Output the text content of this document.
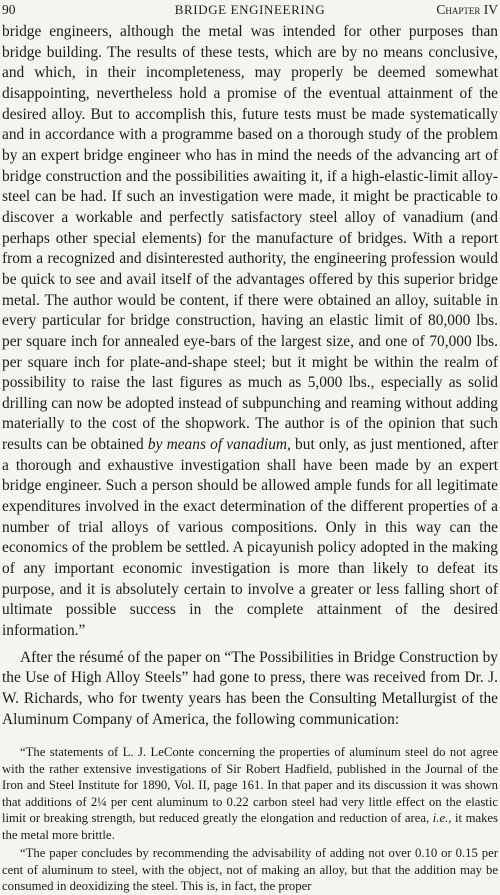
90	BRIDGE ENGINEERING	Chapter IV

bridge engineers, although the metal was intended for other purposes than bridge building. The results of these tests, which are by no means conclusive, and which, in their incompleteness, may properly be deemed somewhat disappointing, nevertheless hold a promise of the eventual attainment of the desired alloy. But to accomplish this, future tests must be made systematically and in accordance with a programme based on a thorough study of the problem by an expert bridge engineer who has in mind the needs of the advancing art of bridge construction and the possibilities awaiting it, if a high-elastic-limit alloy-steel can be had. If such an investigation were made, it might be practicable to discover a workable and perfectly satisfactory steel alloy of vanadium (and perhaps other special elements) for the manufacture of bridges. With a report from a recognized and disinterested authority, the engineering profession would be quick to see and avail itself of the advantages offered by this superior bridge metal. The author would be content, if there were obtained an alloy, suitable in every particular for bridge construction, having an elastic limit of 80,000 lbs. per square inch for annealed eye-bars of the largest size, and one of 70,000 lbs. per square inch for plate-and-shape steel; but it might be within the realm of possibility to raise the last figures as much as 5,000 lbs., especially as solid drilling can now be adopted instead of subpunching and reaming without adding materially to the cost of the shopwork. The author is of the opinion that such results can be obtained by means of vanadium, but only, as just mentioned, after a thorough and exhaustive investigation shall have been made by an expert bridge engineer. Such a person should be allowed ample funds for all legitimate expenditures involved in the exact determination of the different properties of a number of trial alloys of various compositions. Only in this way can the economics of the problem be settled. A picayunish policy adopted in the making of any important economic investigation is more than likely to defeat its purpose, and it is absolutely certain to involve a greater or less falling short of ultimate possible success in the complete attainment of the desired information.”

After the résumé of the paper on “The Possibilities in Bridge Construction by the Use of High Alloy Steels” had gone to press, there was received from Dr. J. W. Richards, who for twenty years has been the Consulting Metallurgist of the Aluminum Company of America, the following communication:

“The statements of L. J. LeConte concerning the properties of aluminum steel do not agree with the rather extensive investigations of Sir Robert Hadfield, published in the Journal of the Iron and Steel Institute for 1890, Vol. II, page 161. In that paper and its discussion it was shown that additions of 2¼ per cent aluminum to 0.22 carbon steel had very little effect on the elastic limit or breaking strength, but reduced greatly the elongation and reduction of area, i.e., it makes the metal more brittle.

“The paper concludes by recommending the advisability of adding not over 0.10 or 0.15 per cent of aluminum to steel, with the object, not of making an alloy, but that the addition may be consumed in deoxidizing the steel. This is, in fact, the proper
